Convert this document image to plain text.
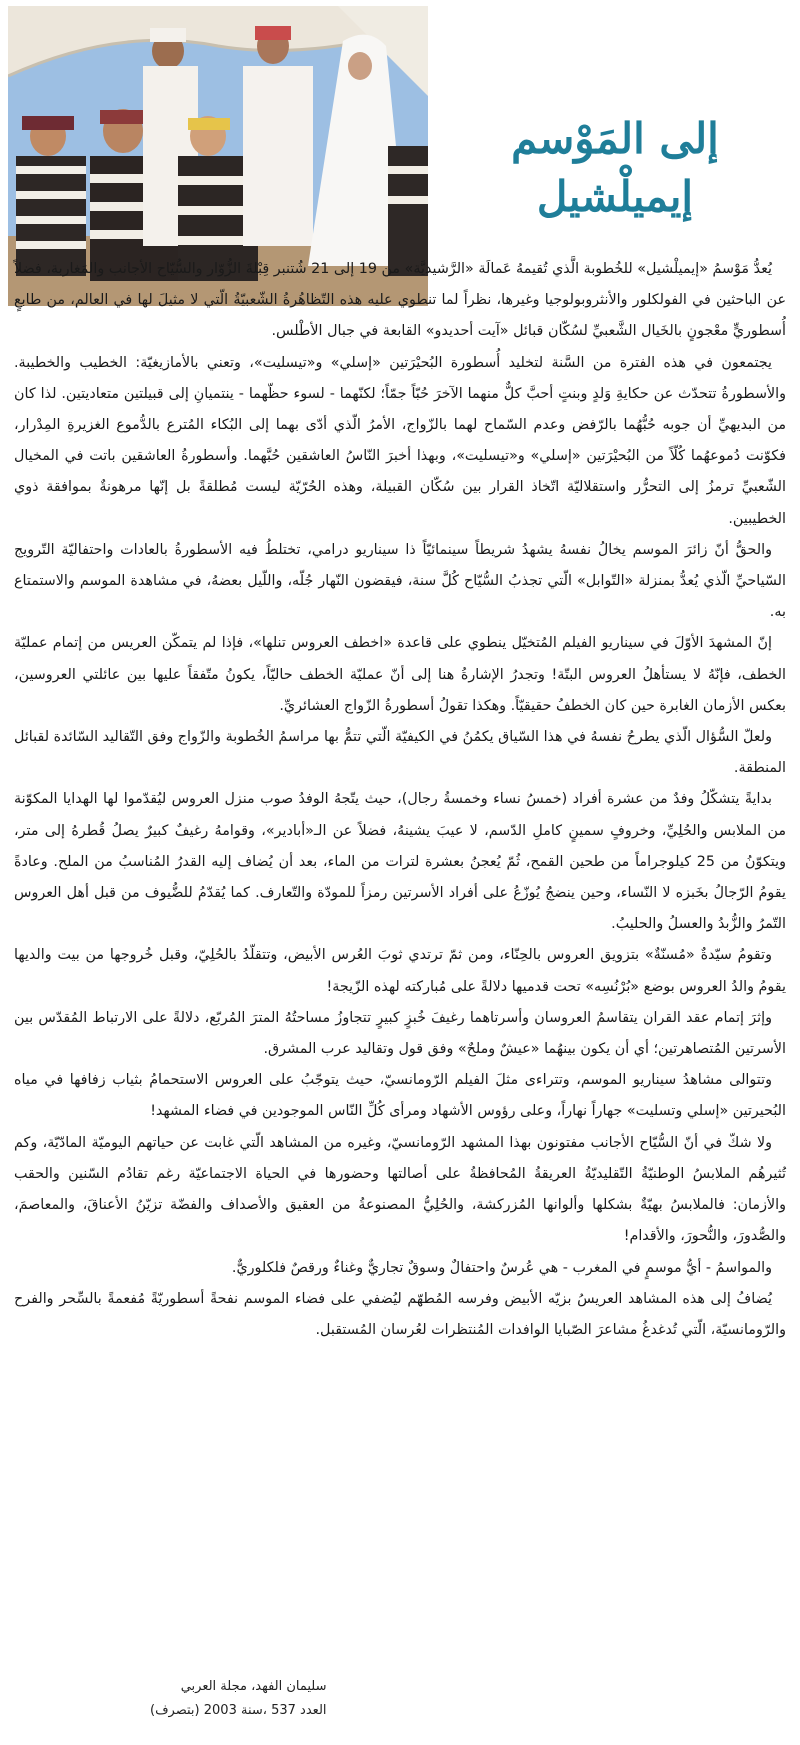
إلى المَوْسم
إيميلْشيل

يُعدُّ مَوْسمُ «إيميلْشيل» للخُطوبة الَّذي تُقيمهُ عَمالَة «الرَّشيديَّة» من 19 إلى 21 شُتنبر قِبْلةَ الزُّوّار والسُّيّاح الأجانب والمَغاربة، فضلاً عن الباحثين في الفولكلور والأنثروبولوجيا وغيرها، نظراً لما تنطوي عليه هذه التّظاهُرةُ الشّعبيّةُ الّتي لا مثيلَ لها في العالم، من طابعٍ أُسطوريٍّ معْجونٍ بالخَيال الشَّعبيِّ لسُكّان قبائل «آيت أحديدو» القابعة في جبال الأطْلس.

يجتمعون في هذه الفترة من السَّنة لتخليد أُسطورة البُحيْرَتين «إسلي» و«تيسليت»، وتعني بالأمازيغيّة: الخطيب والخطيبة. والأسطورةُ تتحدّث عن حكايةِ وَلدٍ وبنتٍ أحبَّ كلٌّ منهما الآخرَ حُبّاً جمّاً؛ لكنّهما - لسوء حظّهما - ينتميانِ إلى قبيلتين متعاديتين. لذا كان من البديهيِّ أن جوبه حُبُّهُما بالرّفض وعدم السّماح لهما بالزّواج، الأمرُ الّذي أدّى بهما إلى البُكاء المُترع بالدُّموع الغزيرةِ المِدْرار، فكوّنت دُموعهُما كُلّاً من البُحيْرَتين «إسلي» و«تيسليت»، وبهذا أخبرَ النّاسُ العاشقين حُبَّهما. وأسطورةُ العاشقين باتت في المخيال الشّعبيِّ ترمزُ إلى التحرُّر واستقلاليّة اتّخاذ القرار بين سُكّان القبيلة، وهذه الحُرّيّة ليست مُطلقةً بل إنّها مرهونةٌ بموافقة ذوي الخطيبين.

والحقُّ أنّ زائرَ الموسم يخالُ نفسهُ يشهدُ شريطاً سينمائيّاً ذا سيناريو درامي، تختلطُ فيه الأسطورةُ بالعادات واحتفاليّة التّرويج السّياحيِّ الّذي يُعدُّ بمنزلة «التّوابل» الّتي تجذبُ السُّيّاح كُلَّ سنة، فيقضون النّهار جُلّه، واللّيل بعضهُ، في مشاهدة الموسم والاستمتاع به.

إنّ المشهدَ الأوّلَ في سيناريو الفيلم المُتخيّل ينطوي على قاعدة «اخطف العروس تنلها»، فإذا لم يتمكّن العريس من إتمام عمليّة الخطف، فإنّهُ لا يستأهلُ العروس البتّة! وتجدرُ الإشارةُ هنا إلى أنّ عمليّة الخطف حاليّاً، يكونُ متّفقاً عليها بين عائلتي العروسين، بعكس الأزمان الغابرة حين كان الخطفُ حقيقيّاً. وهكذا تقولُ أسطورةُ الزّواج العشائريِّ.

ولعلّ السُّؤال الّذي يطرحُ نفسهُ في هذا السّياق يكمُنُ في الكيفيّة الّتي تتمُّ بها مراسمُ الخُطوبة والزّواج وفق التّقاليد السّائدة لقبائل المنطقة.

بدايةً يتشكّلُ وفدٌ من عشرة أفراد (خمسُ نساء وخمسةُ رجال)، حيث يتّجهُ الوفدُ صوب منزل العروس ليُقدّموا لها الهدايا المكوّنة من الملابس والحُلِيِّ، وخروفٍ سمينٍ كاملِ الدّسم، لا عيبَ يشينهُ، فضلاً عن الـ«أبادير»، وقوامهُ رغيفٌ كبيرٌ يصلُ قُطرهُ إلى متر، ويتكوّنُ من 25 كيلوجراماً من طحين القمح، ثُمّ يُعجنُ بعشرة لترات من الماء، بعد أن يُضاف إليه القدرُ المُناسبُ من الملح. وعادةً يقومُ الرّجالُ بخَبزه لا النّساء، وحين ينضجُ يُوزّعُ على أفراد الأسرتين رمزاً للمودّة والتّعارف. كما يُقدّمُ للضُّيوف من قبل أهل العروس التّمرُ والزُّبدُ والعسلُ والحليبُ.

وتقومُ سيّدةٌ «مُسنّةٌ» بتزويق العروس بالحِنّاء، ومن ثمّ ترتدي ثوبَ العُرس الأبيض، وتتقلّدُ بالحُلِيّ، وقبل خُروجها من بيت والديها يقومُ والدُ العروس بوضع «بُرْنُسِه» تحت قدميها دلالةً على مُباركته لهذه الزّيجة!

وإثرَ إتمام عقد القران يتقاسمُ العروسان وأسرتاهما رغيفَ خُبزٍ كبيرٍ تتجاوزُ مساحتُهُ المترَ المُربّع، دلالةً على الارتباط المُقدّس بين الأسرتين المُتصاهرتين؛ أي أن يكون بينهُما «عيشٌ وملحٌ» وفق قول وتقاليد عرب المشرق.

وتتوالى مشاهدُ سيناريو الموسم، وتتراءى مثلَ الفيلم الرّومانسيّ، حيث يتوجّبُ على العروس الاستحمامُ بثياب زفافها في مياه البُحيرتين «إسلي وتسليت» جهاراً نهاراً، وعلى رؤوس الأشهاد ومرأى كُلِّ النّاس الموجودين في فضاء المشهد!

ولا شكّ في أنّ السُّيّاح الأجانب مفتونون بهذا المشهد الرّومانسيّ، وغيره من المشاهد الّتي غابت عن حياتهم اليوميّة المادّيّة، وكم تُثيرهُم الملابسُ الوطنيّةُ التّقليديّةُ العريقةُ المُحافظةُ على أصالتها وحضورها في الحياة الاجتماعيّة رغم تقادُم السّنين والحقب والأزمان: فالملابسُ بهيّةٌ بشكلها وألوانها المُزركشة، والحُلِيُّ المصنوعةُ من العقيق والأصداف والفضّة تزيّنُ الأعناقَ، والمعاصمَ، والصُّدورَ، والنُّحورَ، والأقدام!

والمواسمُ - أيُّ موسمٍ في المغرب - هي عُرسٌ واحتفالٌ وسوقٌ تجاريٌّ وغناءٌ ورقصٌ فلكلوريٌّ.

يُضافُ إلى هذه المشاهد العريسُ بزيّه الأبيض وفرسه المُطهّم ليُضفي على فضاء الموسم نفحةً أسطوريّةً مُفعمةً بالسِّحر والفرح والرّومانسيّة، الّتي تُدغدغُ مشاعرَ الصّبايا الوافدات المُنتظرات لعُرسان المُستقبل.

سليمان الفهد، مجلة العربي
العدد 537 ،سنة 2003 (بتصرف)
